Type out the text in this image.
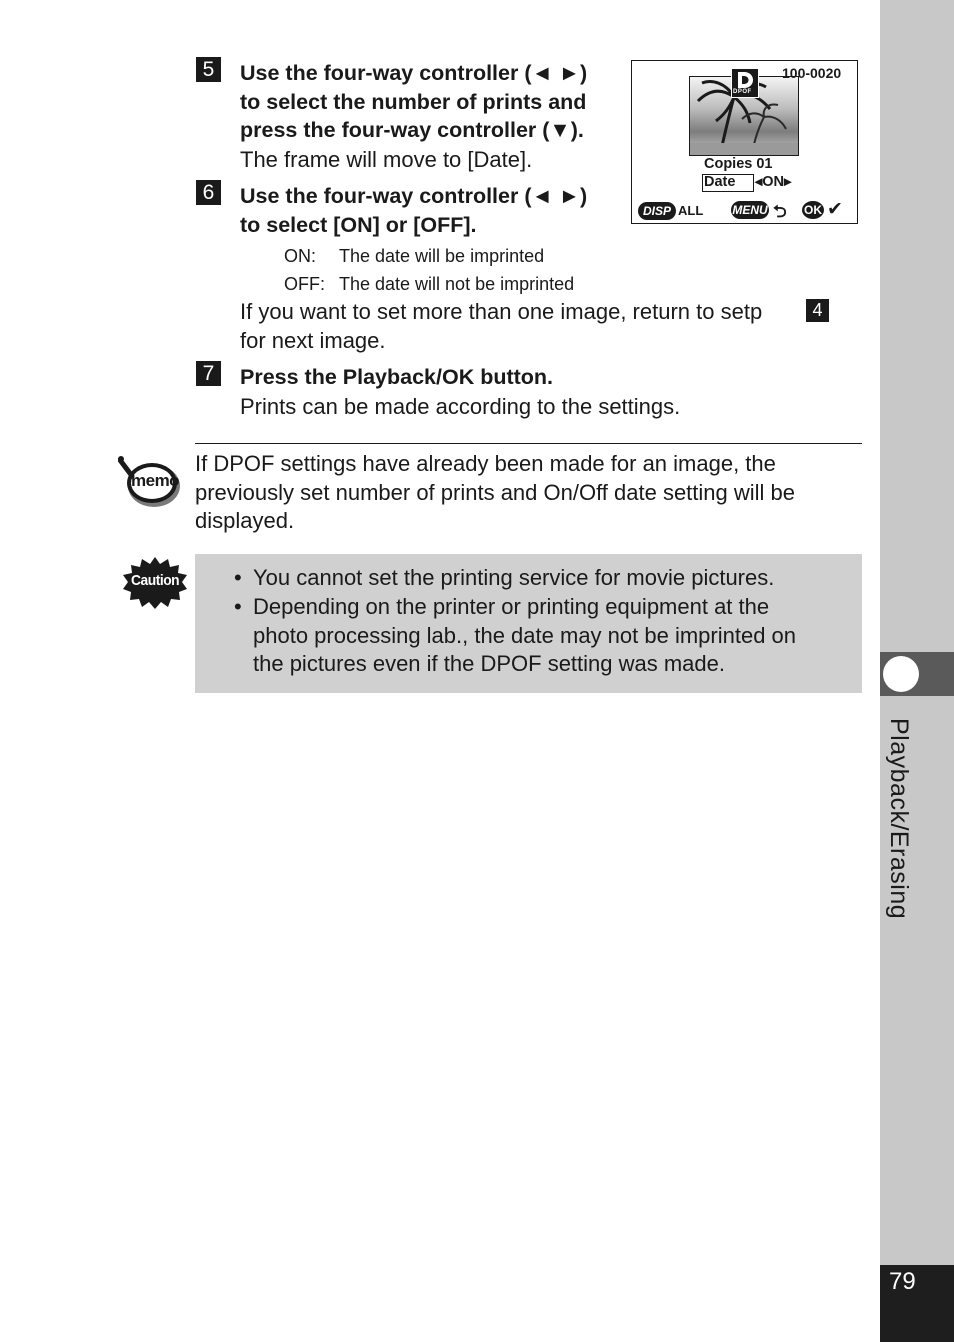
Playback/Erasing
79
5	Use the four-way controller (◄ ►)
to select the number of prints and
press the four-way controller (▼).
The frame will move to [Date].
6	Use the four-way controller (◄ ►)
to select [ON] or [OFF].
ON: The date will be imprinted
OFF: The date will not be imprinted
If you want to set more than one image, return to setp	4
for next image.
7	Press the Playback/OK button.
Prints can be made according to the settings.
DPOF
100-0020
Copies 01
Date ◂ON▸
DISP ALL MENU ⮌ OK ✔
memo
If DPOF settings have already been made for an image, the
previously set number of prints and On/Off date setting will be
displayed.
Caution • You cannot set the printing service for movie pictures.
• Depending on the printer or printing equipment at the
photo processing lab., the date may not be imprinted on
the pictures even if the DPOF setting was made.
